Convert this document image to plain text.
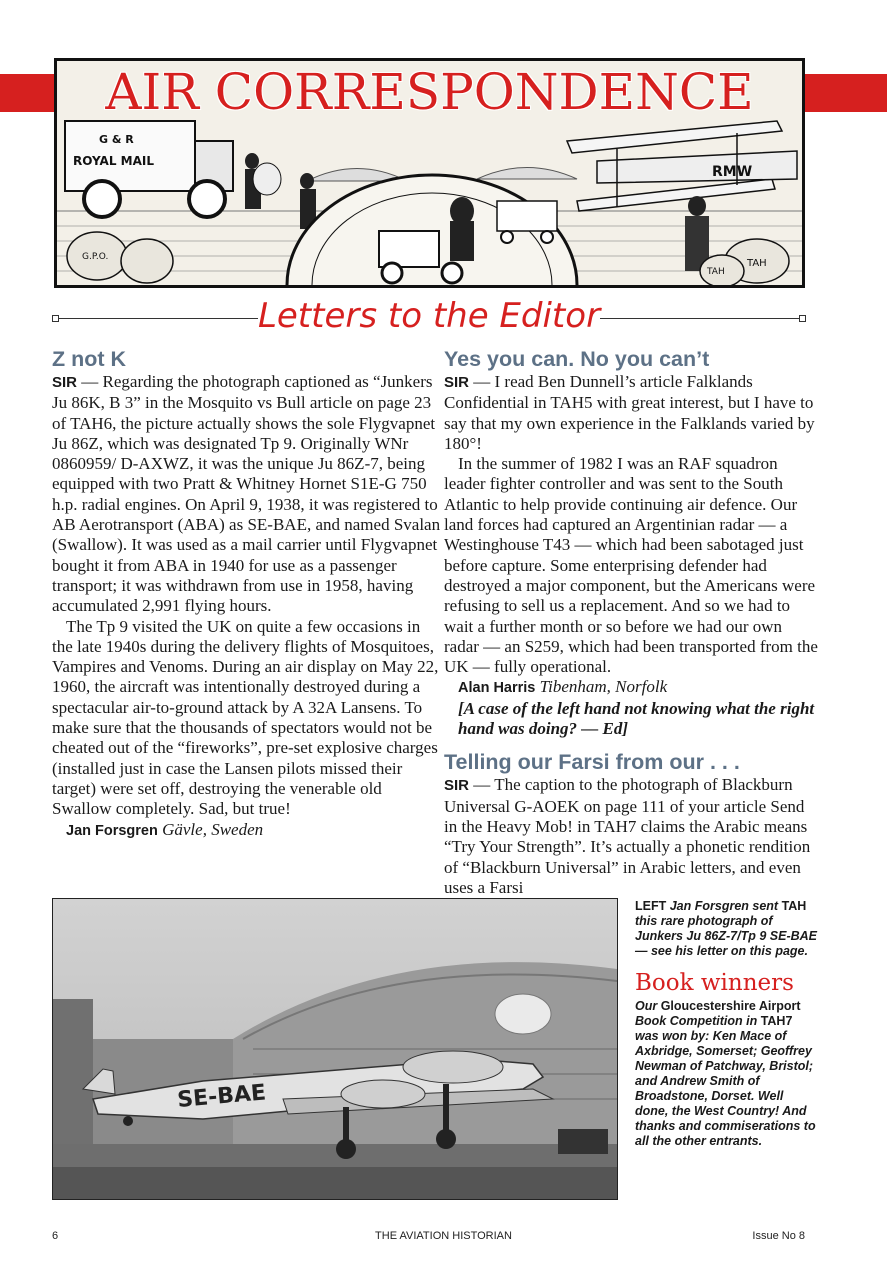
G & R
ROYAL MAIL
G.P.O.
RMW
TAH
TAH
AIR CORRESPONDENCE
Letters to the Editor
Z not K

SIR — Regarding the photograph captioned as “Junkers Ju 86K, B 3” in the Mosquito vs Bull article on page 23 of TAH6, the picture actually shows the sole Flygvapnet Ju 86Z, which was designated Tp 9. Originally WNr 0860959/ D-AXWZ, it was the unique Ju 86Z-7, being equipped with two Pratt & Whitney Hornet S1E-G 750 h.p. radial engines. On April 9, 1938, it was registered to AB Aerotransport (ABA) as SE-BAE, and named Svalan (Swallow). It was used as a mail carrier until Flygvapnet bought it from ABA in 1940 for use as a passenger transport; it was withdrawn from use in 1958, having accumulated 2,991 flying hours.

The Tp 9 visited the UK on quite a few occasions in the late 1940s during the delivery flights of Mosquitoes, Vampires and Venoms. During an air display on May 22, 1960, the aircraft was intentionally destroyed during a spectacular air-to-ground attack by A 32A Lansens. To make sure that the thousands of spectators would not be cheated out of the “fireworks”, pre-set explosive charges (installed just in case the Lansen pilots missed their target) were set off, destroying the venerable old Swallow completely. Sad, but true!

Jan Forsgren Gävle, Sweden

Yes you can. No you can’t

SIR — I read Ben Dunnell’s article Falklands Confidential in TAH5 with great interest, but I have to say that my own experience in the Falklands varied by 180°!

In the summer of 1982 I was an RAF squadron leader fighter controller and was sent to the South Atlantic to help provide continuing air defence. Our land forces had captured an Argentinian radar — a Westinghouse T43 — which had been sabotaged just before capture. Some enterprising defender had destroyed a major component, but the Americans were refusing to sell us a replacement. And so we had to wait a further month or so before we had our own radar — an S259, which had been transported from the UK — fully operational.

Alan Harris Tibenham, Norfolk

[A case of the left hand not knowing what the right hand was doing? — Ed]

Telling our Farsi from our . . .

SIR — The caption to the photograph of Blackburn Universal G-AOEK on page 111 of your article Send in the Heavy Mob! in TAH7 claims the Arabic means “Try Your Strength”. It’s actually a phonetic rendition of “Blackburn Universal” in Arabic letters, and even uses a Farsi

SE-BAE
LEFT Jan Forsgren sent TAH this rare photograph of Junkers Ju 86Z-7/Tp 9 SE-BAE — see his letter on this page.
Book winners
Our Gloucestershire Airport Book Competition in TAH7 was won by: Ken Mace of Axbridge, Somerset; Geoffrey Newman of Patchway, Bristol; and Andrew Smith of Broadstone, Dorset. Well done, the West Country! And thanks and commiserations to all the other entrants.
6	THE AVIATION HISTORIAN	Issue No 8
